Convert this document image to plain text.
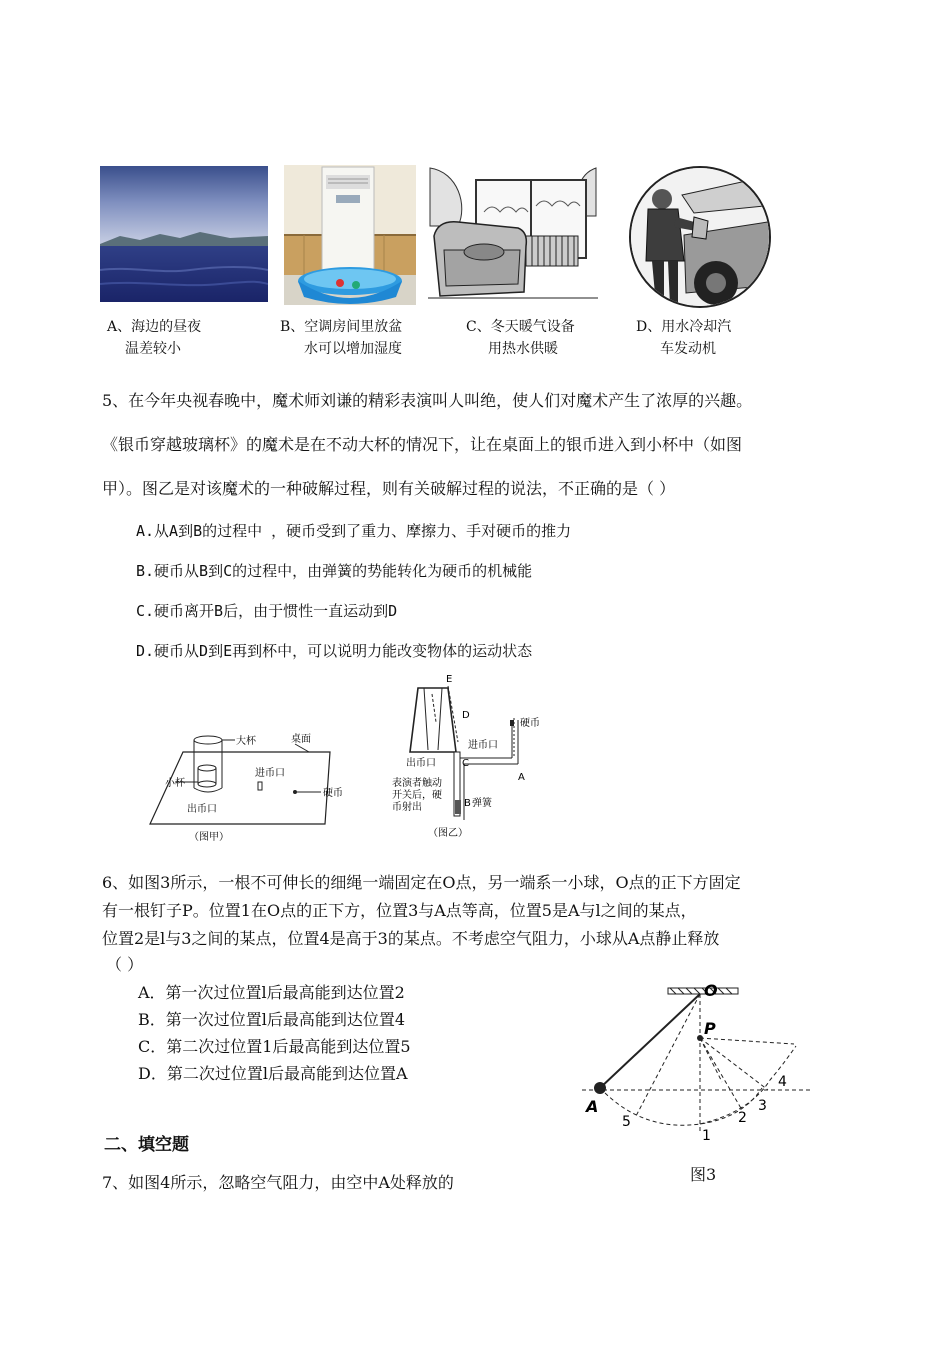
A、海边的昼夜
温差较小
B、空调房间里放盆
水可以增加湿度
C、冬天暖气设备
用热水供暖
D、用水冷却汽
车发动机
5、在今年央视春晚中，魔术师刘谦的精彩表演叫人叫绝，使人们对魔术产生了浓厚的兴趣。
《银币穿越玻璃杯》的魔术是在不动大杯的情况下，让在桌面上的银币进入到小杯中（如图
甲）。图乙是对该魔术的一种破解过程，则有关破解过程的说法，不正确的是（ ）
A.从A到B的过程中 ，硬币受到了重力、摩擦力、手对硬币的推力
B.硬币从B到C的过程中，由弹簧的势能转化为硬币的机械能
C.硬币离开B后，由于惯性一直运动到D
D.硬币从D到E再到杯中，可以说明力能改变物体的运动状态
大杯	桌面
小杯
进币口
硬币
出币口
（图甲）
E
D
硬币
进币口
出币口	C
A
B 弹簧
表演者触动
开关后，硬
币射出
（图乙）
6、如图3所示，一根不可伸长的细绳一端固定在O点，另一端系一小球，O点的正下方固定
有一根钉子P。位置1在O点的正下方，位置3与A点等高，位置5是A与l之间的某点，
位置2是l与3之间的某点，位置4是高于3的某点。不考虑空气阻力，小球从A点静止释放
（ ）
A．第一次过位置l后最高能到达位置2
B．第一次过位置l后最高能到达位置4
C．第二次过位置1后最高能到达位置5
D．第二次过位置l后最高能到达位置A
O
P
A
1
2
3
4
5
图3
二、填空题
7、如图4所示，忽略空气阻力，由空中A处释放的
